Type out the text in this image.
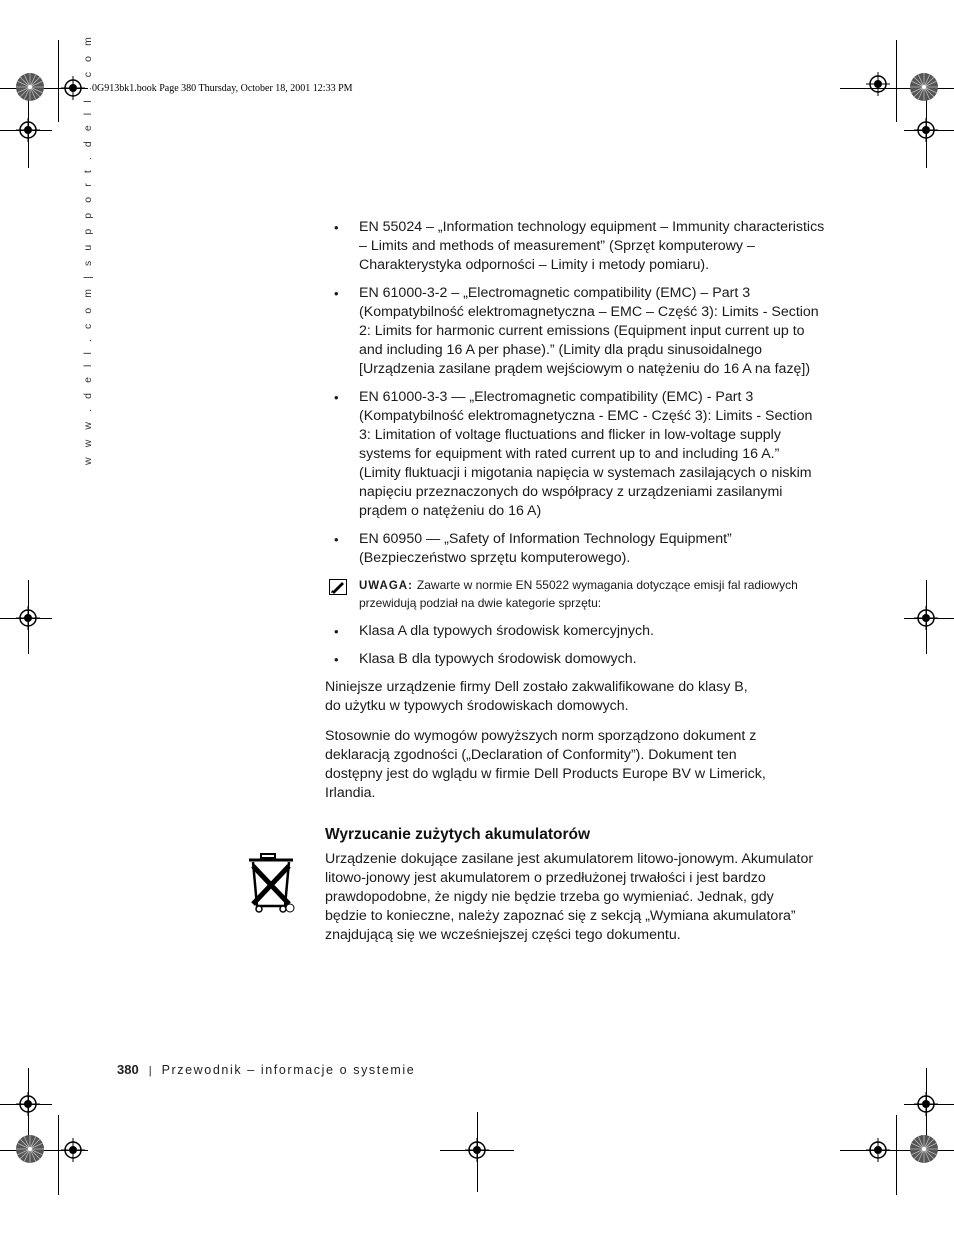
0G913bk1.book Page 380 Thursday, October 18, 2001 12:33 PM
w w w . d e l l . c o m | s u p p o r t . d e l l . c o m	• EN 55024 – „Information technology equipment – Immunity characteristics – Limits and methods of measurement” (Sprzęt komputerowy – Charakterystyka odporności – Limity i metody pomiaru).
• EN 61000-3-2 – „Electromagnetic compatibility (EMC) – Part 3 (Kompatybilność elektromagnetyczna – EMC – Część 3): Limits - Section 2: Limits for harmonic current emissions (Equipment input current up to and including 16 A per phase).” (Limity dla prądu sinusoidalnego [Urządzenia zasilane prądem wejściowym o natężeniu do 16 A na fazę])
• EN 61000-3-3 — „Electromagnetic compatibility (EMC) - Part 3 (Kompatybilność elektromagnetyczna - EMC - Część 3): Limits - Section 3: Limitation of voltage fluctuations and flicker in low-voltage supply systems for equipment with rated current up to and including 16 A.” (Limity fluktuacji i migotania napięcia w systemach zasilających o niskim napięciu przeznaczonych do współpracy z urządzeniami zasilanymi prądem o natężeniu do 16 A)
• EN 60950 — „Safety of Information Technology Equipment” (Bezpieczeństwo sprzętu komputerowego).
UWAGA: Zawarte w normie EN 55022 wymagania dotyczące emisji fal radiowych przewidują podział na dwie kategorie sprzętu:
• Klasa A dla typowych środowisk komercyjnych.
• Klasa B dla typowych środowisk domowych.

Niniejsze urządzenie firmy Dell zostało zakwalifikowane do klasy B, do użytku w typowych środowiskach domowych.

Stosownie do wymogów powyższych norm sporządzono dokument z deklaracją zgodności („Declaration of Conformity”). Dokument ten dostępny jest do wglądu w firmie Dell Products Europe BV w Limerick, Irlandia.

Wyrzucanie zużytych akumulatorów

Urządzenie dokujące zasilane jest akumulatorem litowo-jonowym. Akumulator litowo-jonowy jest akumulatorem o przedłużonej trwałości i jest bardzo prawdopodobne, że nigdy nie będzie trzeba go wymieniać. Jednak, gdy będzie to konieczne, należy zapoznać się z sekcją „Wymiana akumulatora” znajdującą się we wcześniejszej części tego dokumentu.

380 | Przewodnik – informacje o systemie
